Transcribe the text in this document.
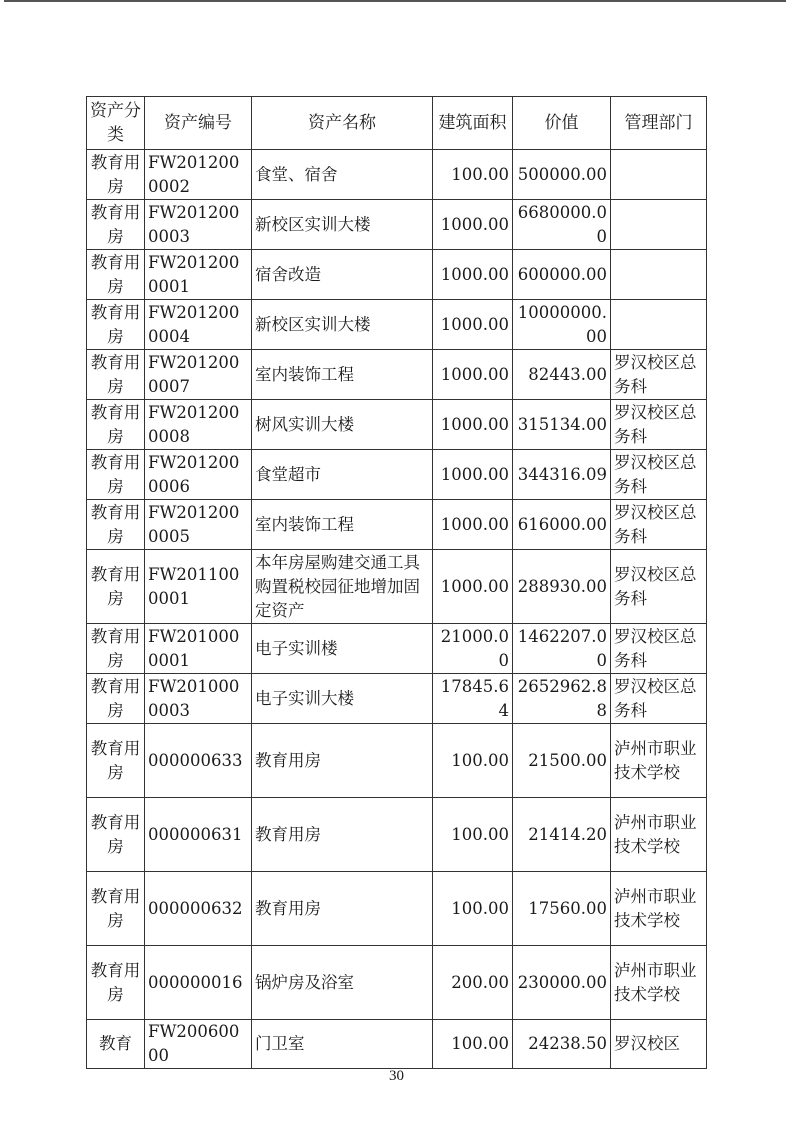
资产分类	资产编号	资产名称	建筑面积	价值	管理部门
教育用房	FW2012000002	食堂、宿舍	100.00	500000.00	
教育用房	FW2012000003	新校区实训大楼	1000.00	6680000.00	
教育用房	FW2012000001	宿舍改造	1000.00	600000.00	
教育用房	FW2012000004	新校区实训大楼	1000.00	10000000.00	
教育用房	FW2012000007	室内装饰工程	1000.00	82443.00	罗汉校区总务科
教育用房	FW2012000008	树风实训大楼	1000.00	315134.00	罗汉校区总务科
教育用房	FW2012000006	食堂超市	1000.00	344316.09	罗汉校区总务科
教育用房	FW2012000005	室内装饰工程	1000.00	616000.00	罗汉校区总务科
教育用房	FW2011000001	本年房屋购建交通工具购置税校园征地增加固定资产	1000.00	288930.00	罗汉校区总务科
教育用房	FW2010000001	电子实训楼	21000.00	1462207.00	罗汉校区总务科
教育用房	FW2010000003	电子实训大楼	17845.64	2652962.88	罗汉校区总务科
教育用房	000000633	教育用房	100.00	21500.00	泸州市职业技术学校
教育用房	000000631	教育用房	100.00	21414.20	泸州市职业技术学校
教育用房	000000632	教育用房	100.00	17560.00	泸州市职业技术学校
教育用房	000000016	锅炉房及浴室	200.00	230000.00	泸州市职业技术学校
教育	FW20060000	门卫室	100.00	24238.50	罗汉校区
30
